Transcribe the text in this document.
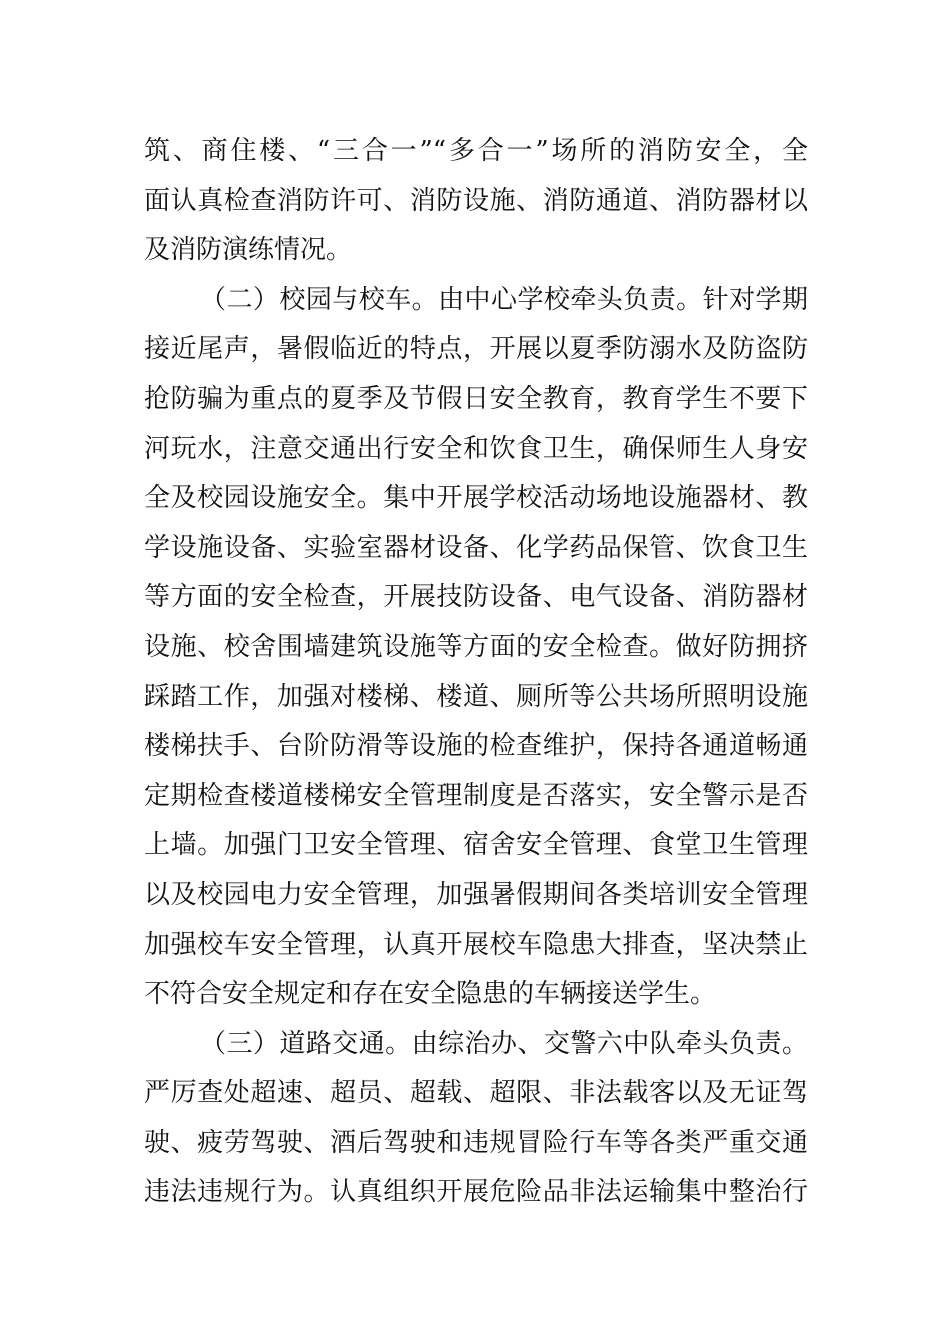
筑、商住楼、“三合一”“多合一”场所的消防安全，全
面认真检查消防许可、消防设施、消防通道、消防器材以
及消防演练情况。
（二）校园与校车。由中心学校牵头负责。针对学期
接近尾声，暑假临近的特点，开展以夏季防溺水及防盗防
抢防骗为重点的夏季及节假日安全教育，教育学生不要下
河玩水，注意交通出行安全和饮食卫生，确保师生人身安
全及校园设施安全。集中开展学校活动场地设施器材、教
学设施设备、实验室器材设备、化学药品保管、饮食卫生
等方面的安全检查，开展技防设备、电气设备、消防器材
设施、校舍围墙建筑设施等方面的安全检查。做好防拥挤
踩踏工作，加强对楼梯、楼道、厕所等公共场所照明设施
楼梯扶手、台阶防滑等设施的检查维护，保持各通道畅通
定期检查楼道楼梯安全管理制度是否落实，安全警示是否
上墙。加强门卫安全管理、宿舍安全管理、食堂卫生管理
以及校园电力安全管理，加强暑假期间各类培训安全管理
加强校车安全管理，认真开展校车隐患大排查，坚决禁止
不符合安全规定和存在安全隐患的车辆接送学生。
（三）道路交通。由综治办、交警六中队牵头负责。
严厉查处超速、超员、超载、超限、非法载客以及无证驾
驶、疲劳驾驶、酒后驾驶和违规冒险行车等各类严重交通
违法违规行为。认真组织开展危险品非法运输集中整治行
